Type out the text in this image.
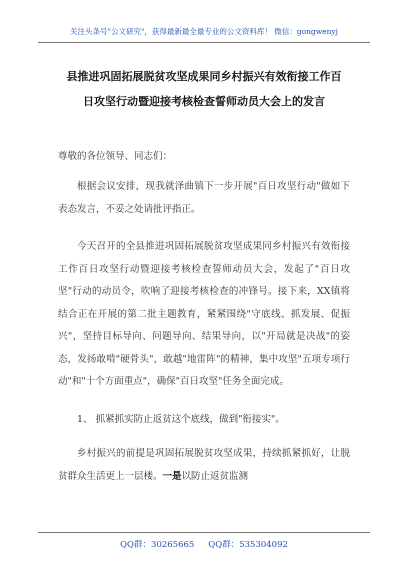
关注头条号"公文研究"，获得最新最全最专业的公文资料库！ 微信：gongwenyj
县推进巩固拓展脱贫攻坚成果同乡村振兴有效衔接工作百
日攻坚行动暨迎接考核检查誓师动员大会上的发言
尊敬的各位领导、同志们：

根据会议安排，现我就泽曲镇下一步开展"百日攻坚行动"做如下表态发言，不妥之处请批评指正。

今天召开的全县推进巩固拓展脱贫攻坚成果同乡村振兴有效衔接工作百日攻坚行动暨迎接考核检查誓师动员大会，发起了"百日攻坚"行动的动员令，吹响了迎接考核检查的冲锋号。接下来，XX镇将结合正在开展的第二批主题教育，紧紧围绕"守底线、抓发展、促振兴"，坚持目标导向、问题导向、结果导向，以"开局就是决战"的姿态，发扬敢啃"硬骨头"，敢越"地雷阵"的精神，集中攻坚"五项专项行动"和"十个方面重点"，确保"百日攻坚"任务全面完成。

1、 抓紧抓实防止返贫这个底线，做到"衔接实"。

乡村振兴的前提是巩固拓展脱贫攻坚成果，持续抓紧抓好，让脱贫群众生活更上一层楼。一是以防止返贫监测

QQ群：30265665 QQ群：535304092
